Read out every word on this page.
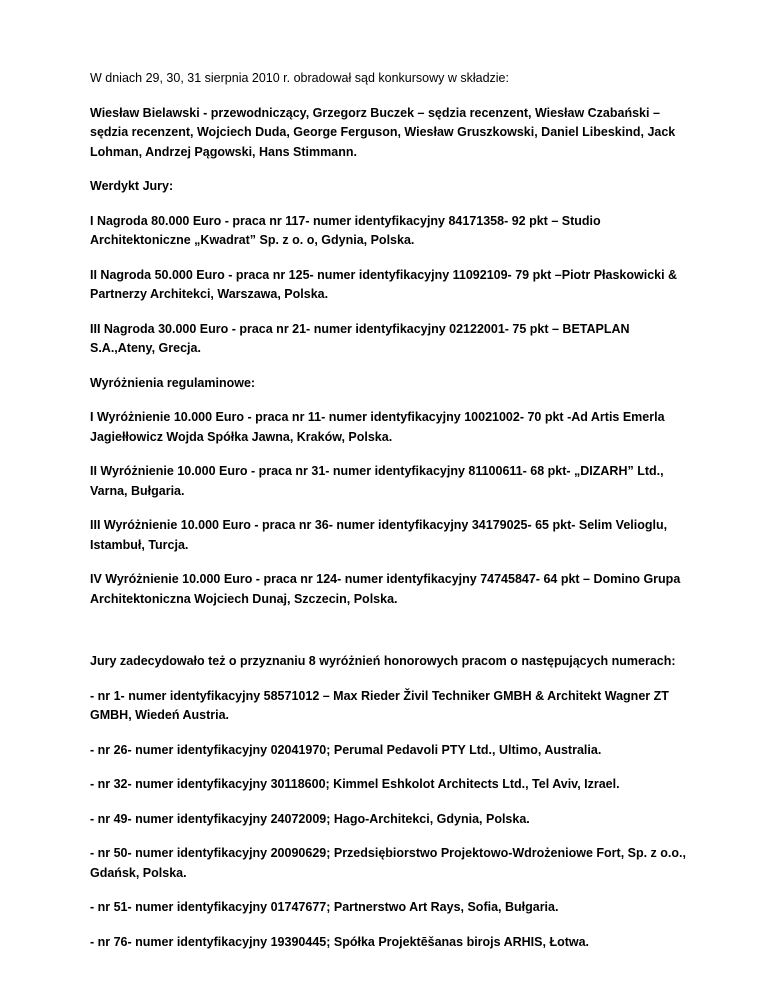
W dniach 29, 30, 31 sierpnia 2010 r. obradował sąd konkursowy w składzie:

Wiesław Bielawski - przewodniczący, Grzegorz Buczek – sędzia recenzent, Wiesław Czabański – sędzia recenzent, Wojciech Duda, George Ferguson, Wiesław Gruszkowski, Daniel Libeskind, Jack Lohman, Andrzej Pągowski, Hans Stimmann.

Werdykt Jury:

I Nagroda 80.000 Euro - praca nr 117- numer identyfikacyjny 84171358- 92 pkt – Studio Architektoniczne „Kwadrat” Sp. z o. o, Gdynia, Polska.

II Nagroda 50.000 Euro - praca nr 125- numer identyfikacyjny 11092109- 79 pkt –Piotr Płaskowicki & Partnerzy Architekci, Warszawa, Polska.

III Nagroda 30.000 Euro - praca nr 21- numer identyfikacyjny 02122001- 75 pkt – BETAPLAN S.A.,Ateny, Grecja.

Wyróżnienia regulaminowe:

I Wyróżnienie 10.000 Euro - praca nr 11- numer identyfikacyjny 10021002- 70 pkt -Ad Artis Emerla Jagiełłowicz Wojda Spółka Jawna, Kraków, Polska.

II Wyróżnienie 10.000 Euro - praca nr 31- numer identyfikacyjny 81100611- 68 pkt- „DIZARH” Ltd., Varna, Bułgaria.

III Wyróżnienie 10.000 Euro - praca nr 36- numer identyfikacyjny 34179025- 65 pkt- Selim Velioglu, Istambuł, Turcja.

IV Wyróżnienie 10.000 Euro - praca nr 124- numer identyfikacyjny 74745847- 64 pkt – Domino Grupa Architektoniczna Wojciech Dunaj, Szczecin, Polska.

Jury zadecydowało też o przyznaniu 8 wyróżnień honorowych pracom o następujących numerach:

- nr 1- numer identyfikacyjny 58571012 – Max Rieder Živil Techniker GMBH & Architekt Wagner ZT GMBH, Wiedeń Austria.

- nr 26- numer identyfikacyjny 02041970; Perumal Pedavoli PTY Ltd., Ultimo, Australia.

- nr 32- numer identyfikacyjny 30118600; Kimmel Eshkolot Architects Ltd., Tel Aviv, Izrael.

- nr 49- numer identyfikacyjny 24072009; Hago-Architekci, Gdynia, Polska.

- nr 50- numer identyfikacyjny 20090629; Przedsiębiorstwo Projektowo-Wdrożeniowe Fort, Sp. z o.o., Gdańsk, Polska.

- nr 51- numer identyfikacyjny 01747677; Partnerstwo Art Rays, Sofia, Bułgaria.

- nr 76- numer identyfikacyjny 19390445; Spółka Projektēšanas birojs ARHIS, Łotwa.
